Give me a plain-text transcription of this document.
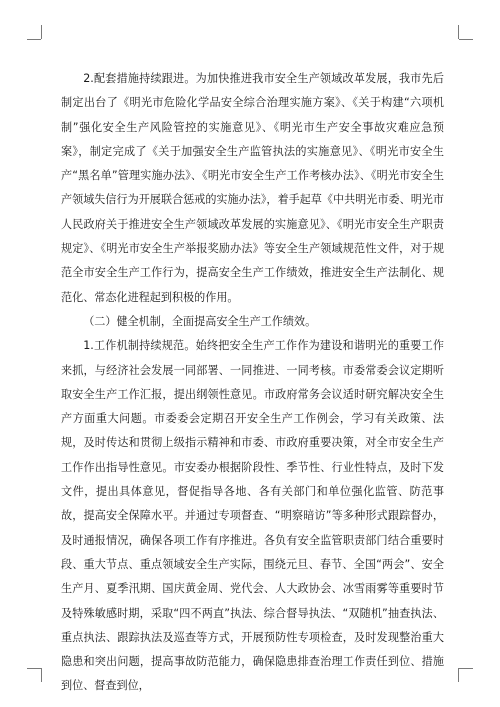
2.配套措施持续跟进。为加快推进我市安全生产领域改革发展，我市先后制定出台了《明光市危险化学品安全综合治理实施方案》、《关于构建“六项机制”强化安全生产风险管控的实施意见》、《明光市生产安全事故灾难应急预案》，制定完成了《关于加强安全生产监管执法的实施意见》、《明光市安全生产“黑名单”管理实施办法》、《明光市安全生产工作考核办法》、《明光市安全生产领域失信行为开展联合惩戒的实施办法》，着手起草《中共明光市委、明光市人民政府关于推进安全生产领域改革发展的实施意见》、《明光市安全生产职责规定》、《明光市安全生产举报奖励办法》等安全生产领域规范性文件，对于规范全市安全生产工作行为，提高安全生产工作绩效，推进安全生产法制化、规范化、常态化进程起到积极的作用。

（二）健全机制，全面提高安全生产工作绩效。

1.工作机制持续规范。始终把安全生产工作作为建设和谐明光的重要工作来抓，与经济社会发展一同部署、一同推进、一同考核。市委常委会议定期听取安全生产工作汇报，提出纲领性意见。市政府常务会议适时研究解决安全生产方面重大问题。市委委会定期召开安全生产工作例会，学习有关政策、法规，及时传达和贯彻上级指示精神和市委、市政府重要决策，对全市安全生产工作作出指导性意见。市安委办根据阶段性、季节性、行业性特点，及时下发文件，提出具体意见，督促指导各地、各有关部门和单位强化监管、防范事故，提高安全保障水平。并通过专项督查、“明察暗访”等多种形式跟踪督办，及时通报情况，确保各项工作有序推进。各负有安全监管职责部门结合重要时段、重大节点、重点领域安全生产实际，围绕元旦、春节、全国“两会”、安全生产月、夏季汛期、国庆黄金周、党代会、人大政协会、冰雪雨雾等重要时节及特殊敏感时期，采取“四不两直”执法、综合督导执法、“双随机”抽查执法、重点执法、跟踪执法及巡查等方式，开展预防性专项检查，及时发现整治重大隐患和突出问题，提高事故防范能力，确保隐患排查治理工作责任到位、措施到位、督查到位，
